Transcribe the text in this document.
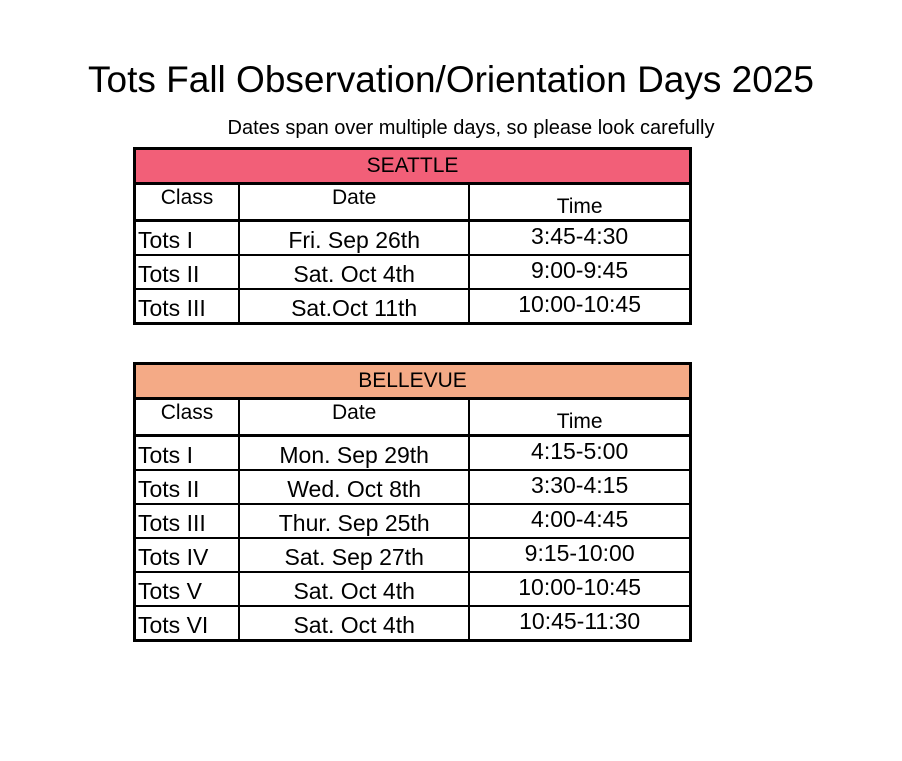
Tots Fall Observation/Orientation Days 2025
Dates span over multiple days, so please look carefully
SEATTLE		
Class	Date	Time
Tots I	Fri. Sep 26th	3:45-4:30
Tots II	Sat. Oct 4th	9:00-9:45
Tots III	Sat.Oct 11th	10:00-10:45
BELLEVUE		
Class	Date	Time
Tots I	Mon. Sep 29th	4:15-5:00
Tots II	Wed. Oct 8th	3:30-4:15
Tots III	Thur. Sep 25th	4:00-4:45
Tots IV	Sat. Sep 27th	9:15-10:00
Tots V	Sat. Oct 4th	10:00-10:45
Tots VI	Sat. Oct 4th	10:45-11:30
